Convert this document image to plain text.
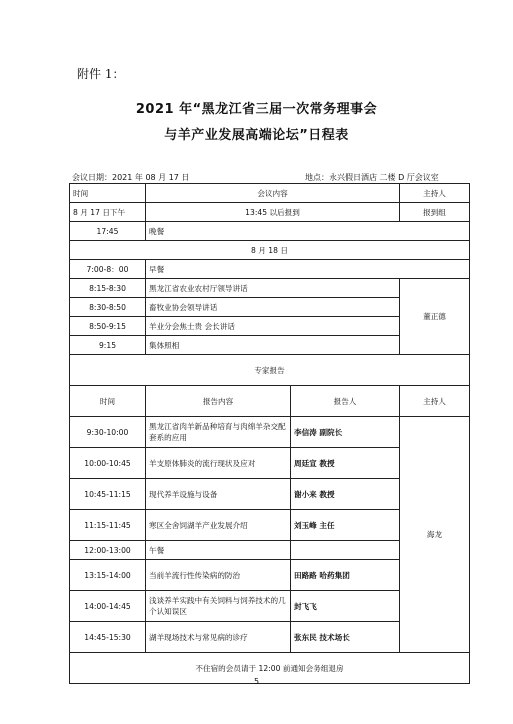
附件 1：
2021 年“黑龙江省三届一次常务理事会
与羊产业发展高端论坛”日程表
会议日期：2021 年 08 月 17 日	地点：永兴假日酒店 二楼 D 厅会议室
时间	会议内容		主持人
8 月 17 日下午	13:45 以后报到		报到组
17:45	晚餐		
8 月 18 日			
7:00-8：00	早餐		
8:15-8:30	黑龙江省农业农村厅领导讲话		董正德
8:30-8:50	畜牧业协会领导讲话		
8:50-9:15	羊业分会焦士贵 会长讲话		
9:15	集体照相		
专家报告			
时间	报告内容	报告人	主持人
9:30-10:00	黑龙江省肉羊新品种培育与肉绵羊杂交配套系的应用	李信涛 副院长	海龙
10:00-10:45	羊支原体肺炎的流行现状及应对	周廷宣 教授	
10:45-11:15	现代养羊设施与设备	谢小来 教授	
11:15-11:45	寒区全舍饲湖羊产业发展介绍	刘玉峰 主任	
12:00-13:00	午餐		
13:15-14:00	当前羊流行性传染病的防治	田路路 哈药集团	
14:00-14:45	浅谈养羊实践中有关饲料与饲养技术的几个认知误区	封飞飞	
14:45-15:30	湖羊现场技术与常见病的诊疗	张东民 技术场长	
不住宿的会员请于 12:00 前通知会务组退房			
5
